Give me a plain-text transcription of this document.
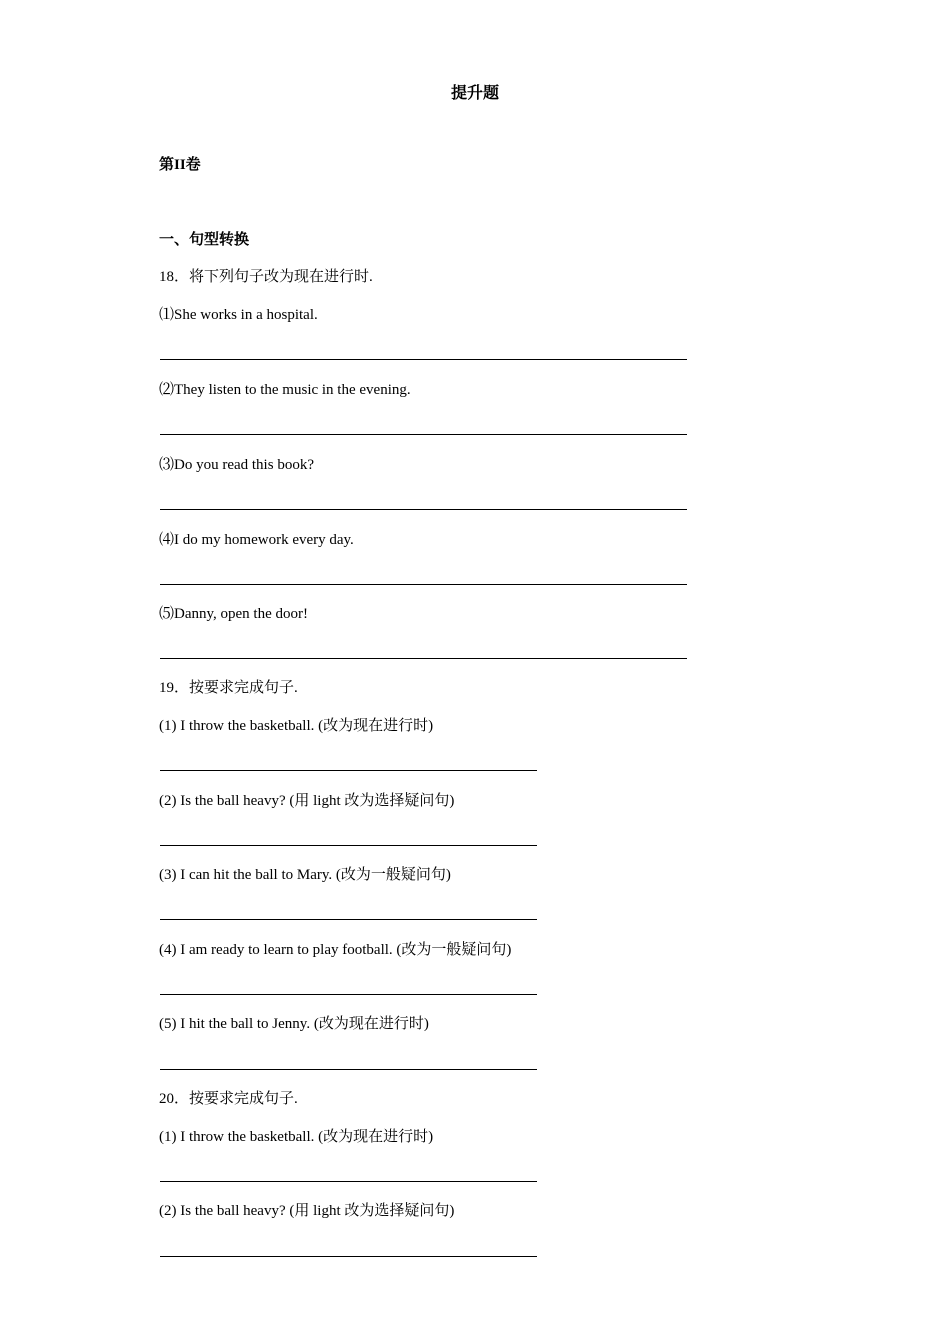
提升题
第II卷
一、句型转换
18．将下列句子改为现在进行时.
⑴She works in a hospital.
⑵They listen to the music in the evening.
⑶Do you read this book?
⑷I do my homework every day.
⑸Danny, open the door!
19．按要求完成句子.
(1) I throw the basketball. (改为现在进行时)
(2) Is the ball heavy? (用 light 改为选择疑问句)
(3) I can hit the ball to Mary. (改为一般疑问句)
(4) I am ready to learn to play football. (改为一般疑问句)
(5) I hit the ball to Jenny. (改为现在进行时)
20．按要求完成句子.
(1) I throw the basketball. (改为现在进行时)
(2) Is the ball heavy? (用 light 改为选择疑问句)
